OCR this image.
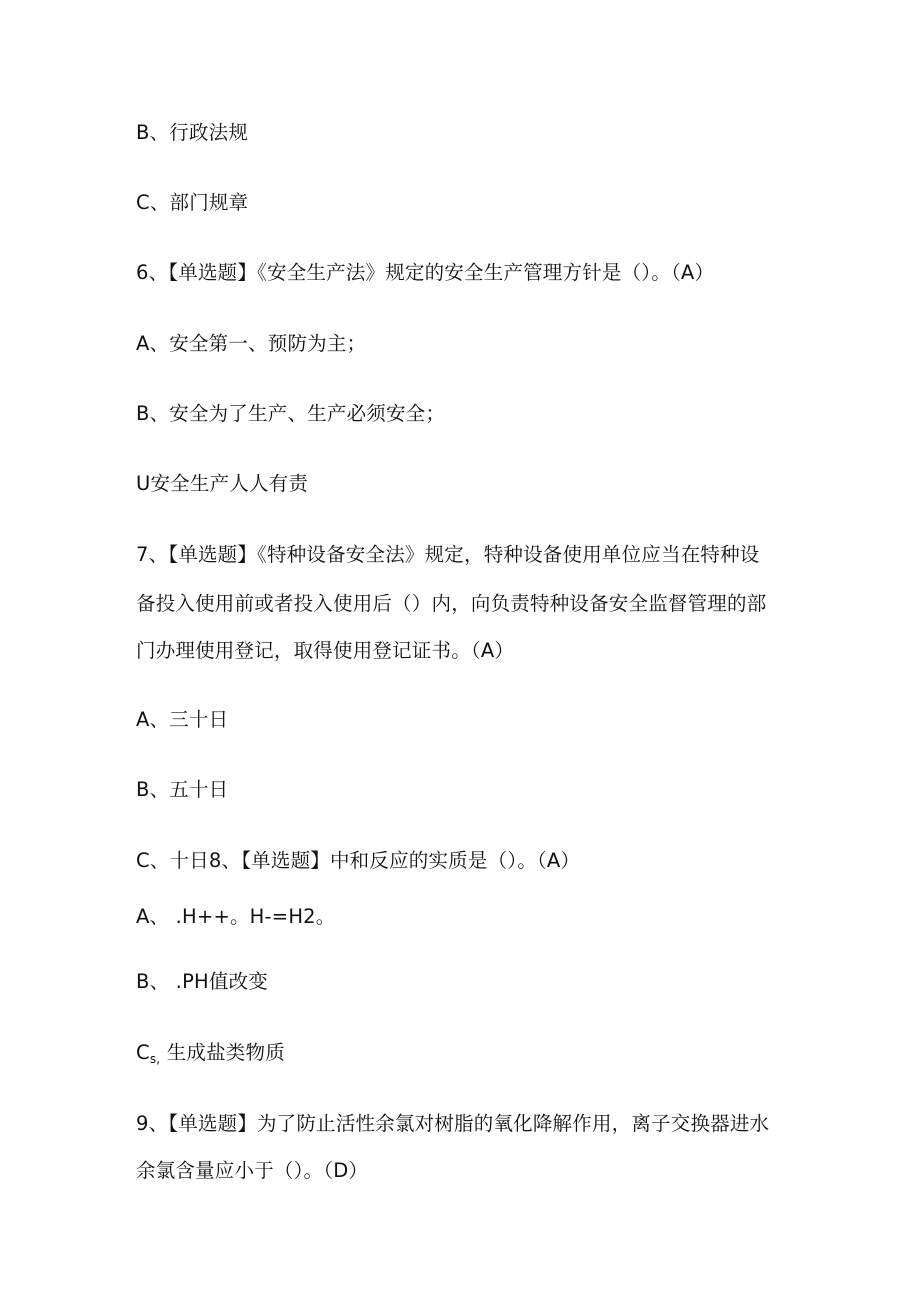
B、行政法规
C、部门规章
6、【单选题】《安全生产法》规定的安全生产管理方针是（）。（A）
A、安全第一、预防为主；
B、安全为了生产、生产必须安全；
U安全生产人人有责
7、【单选题】《特种设备安全法》规定，特种设备使用单位应当在特种设
备投入使用前或者投入使用后（）内，向负责特种设备安全监督管理的部
门办理使用登记，取得使用登记证书。（A）
A、三十日
B、五十日
C、十日8、【单选题】中和反应的实质是（）。（A）
A、 .H++。H-=H2。
B、 .PH值改变
$C_{s,}$ 生成盐类物质
9、【单选题】为了防止活性余氯对树脂的氧化降解作用，离子交换器进水
余氯含量应小于（）。（D）
